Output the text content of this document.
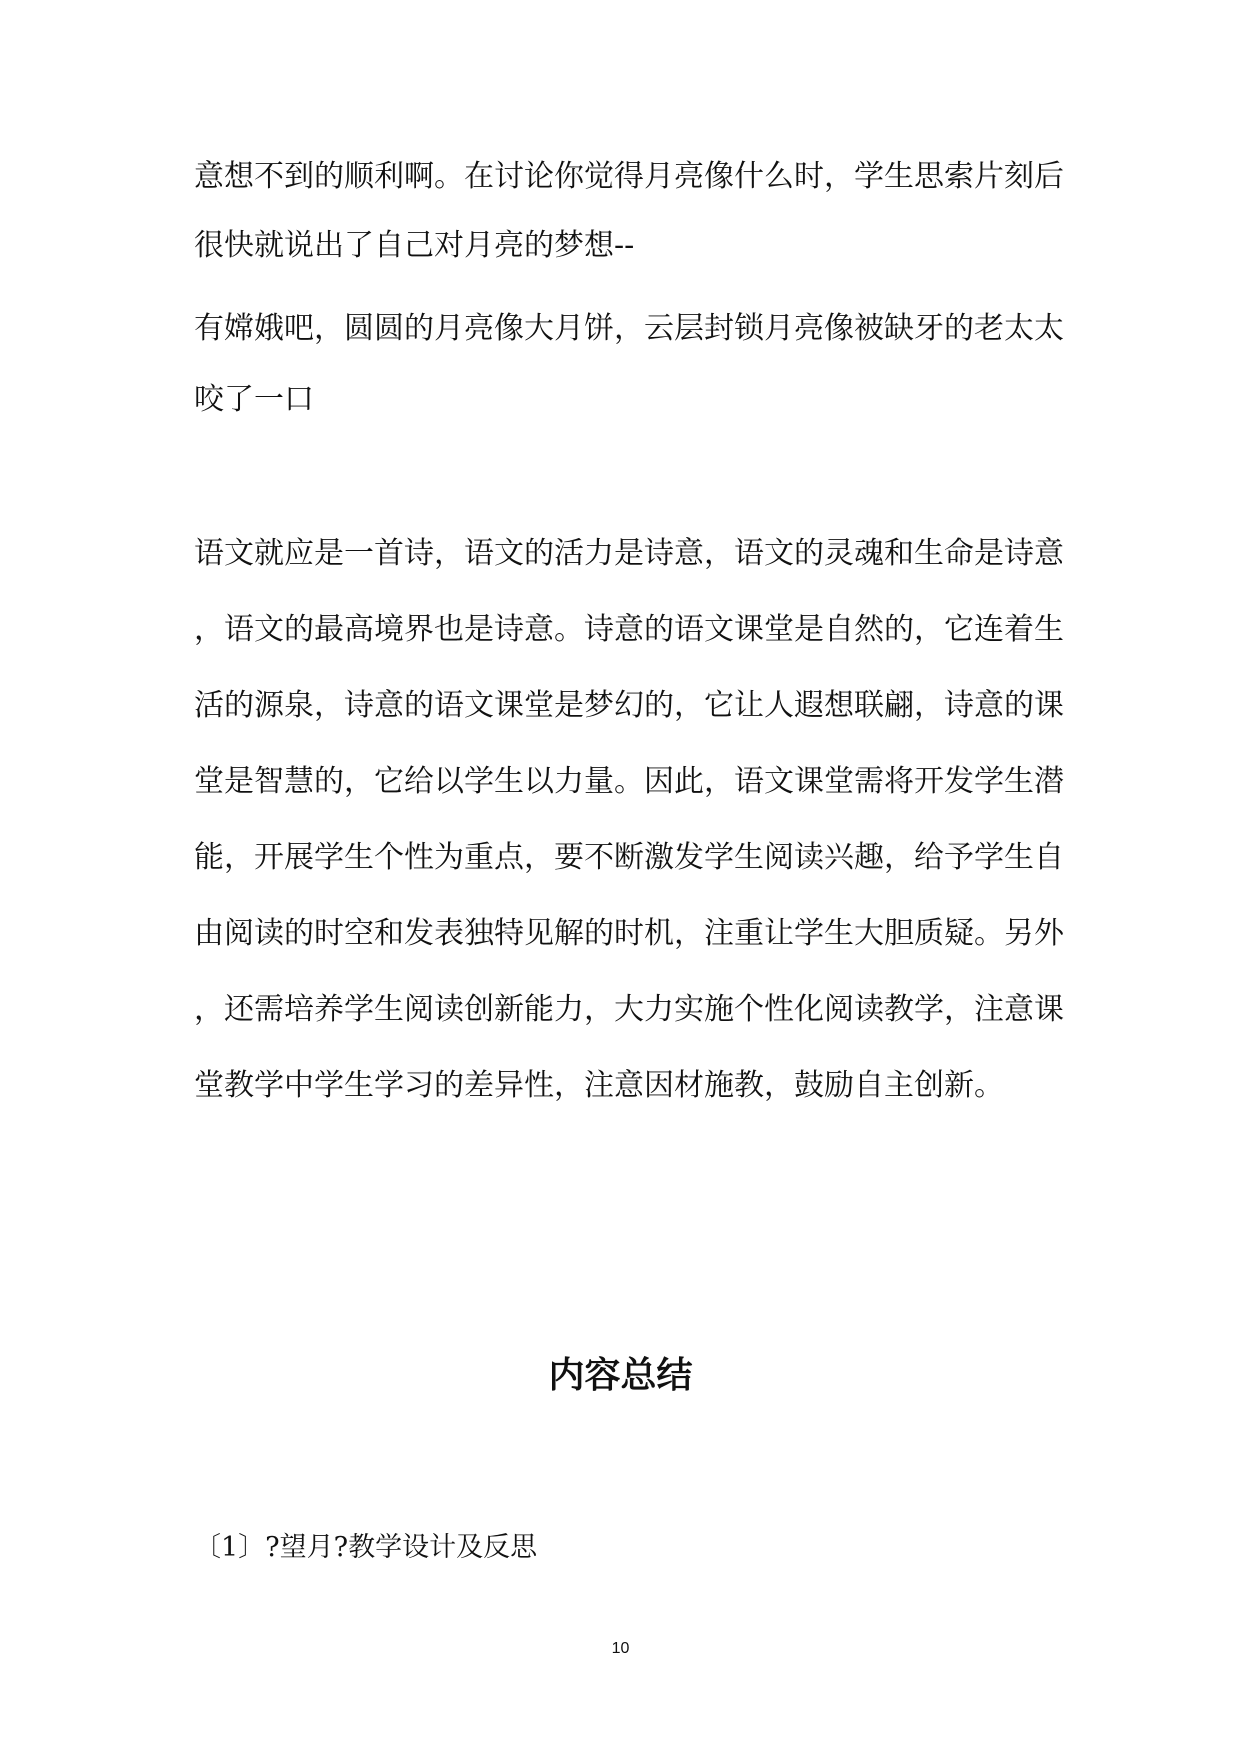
意想不到的顺利啊。在讨论你觉得月亮像什么时，学生思索片刻后
很快就说出了自己对月亮的梦想--
有嫦娥吧，圆圆的月亮像大月饼，云层封锁月亮像被缺牙的老太太
咬了一口
语文就应是一首诗，语文的活力是诗意，语文的灵魂和生命是诗意
，语文的最高境界也是诗意。诗意的语文课堂是自然的，它连着生
活的源泉，诗意的语文课堂是梦幻的，它让人遐想联翩，诗意的课
堂是智慧的，它给以学生以力量。因此，语文课堂需将开发学生潜
能，开展学生个性为重点，要不断激发学生阅读兴趣，给予学生自
由阅读的时空和发表独特见解的时机，注重让学生大胆质疑。另外
，还需培养学生阅读创新能力，大力实施个性化阅读教学，注意课
堂教学中学生学习的差异性，注意因材施教，鼓励自主创新。
内容总结
〔1〕?望月?教学设计及反思
10
